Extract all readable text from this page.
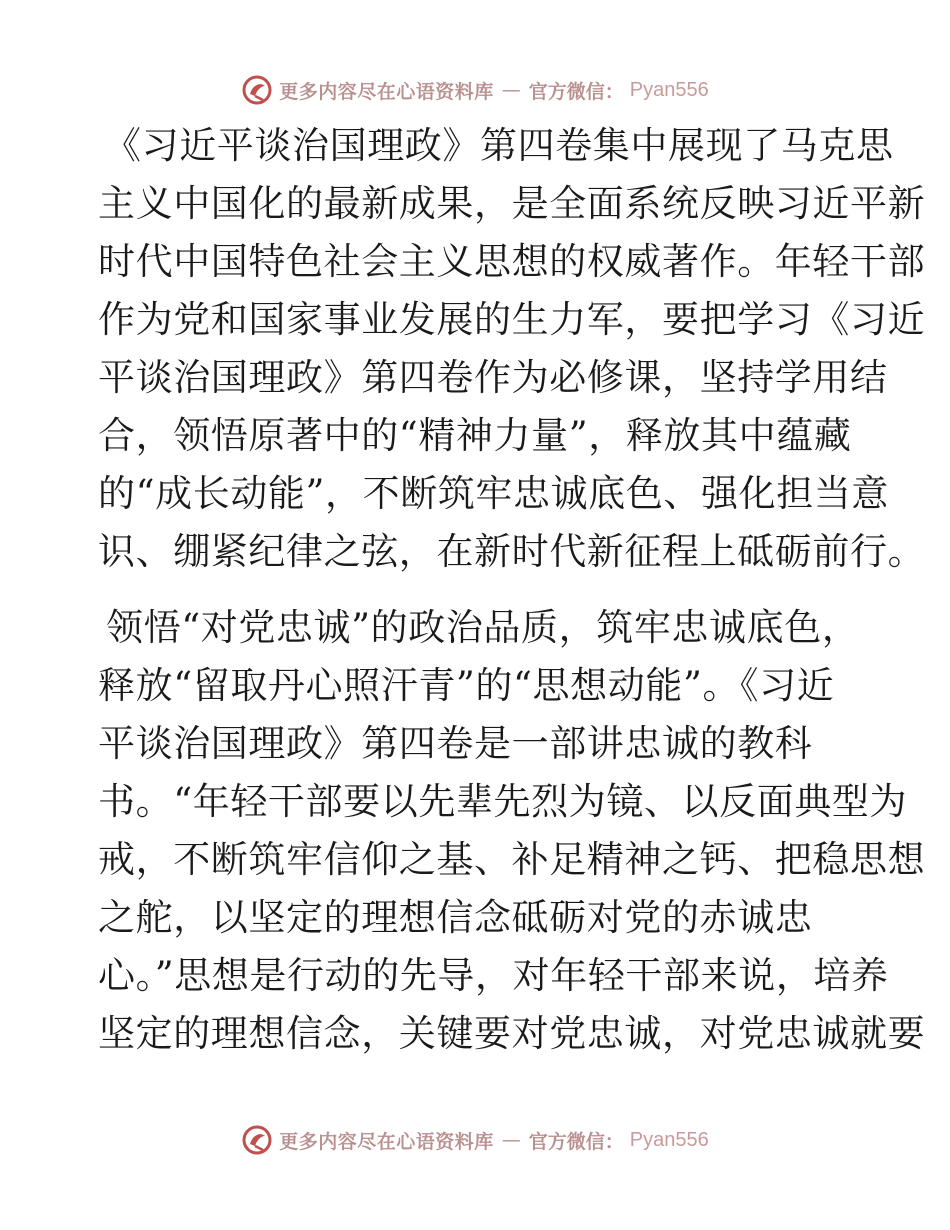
更多内容尽在心语资料库 — 官方微信： Pyan556
《习近平谈治国理政》第四卷集中展现了马克思
主义中国化的最新成果，是全面系统反映习近平新
时代中国特色社会主义思想的权威著作。年轻干部
作为党和国家事业发展的生力军，要把学习《习近
平谈治国理政》第四卷作为必修课，坚持学用结
合，领悟原著中的“精神力量”，释放其中蕴藏
的“成长动能”，不断筑牢忠诚底色、强化担当意
识、绷紧纪律之弦，在新时代新征程上砥砺前行。
领悟“对党忠诚”的政治品质，筑牢忠诚底色，
释放“留取丹心照汗青”的“思想动能”。《习近
平谈治国理政》第四卷是一部讲忠诚的教科
书。“年轻干部要以先辈先烈为镜、以反面典型为
戒，不断筑牢信仰之基、补足精神之钙、把稳思想
之舵，以坚定的理想信念砥砺对党的赤诚忠
心。”思想是行动的先导，对年轻干部来说，培养
坚定的理想信念，关键要对党忠诚，对党忠诚就要
更多内容尽在心语资料库 — 官方微信： Pyan556
